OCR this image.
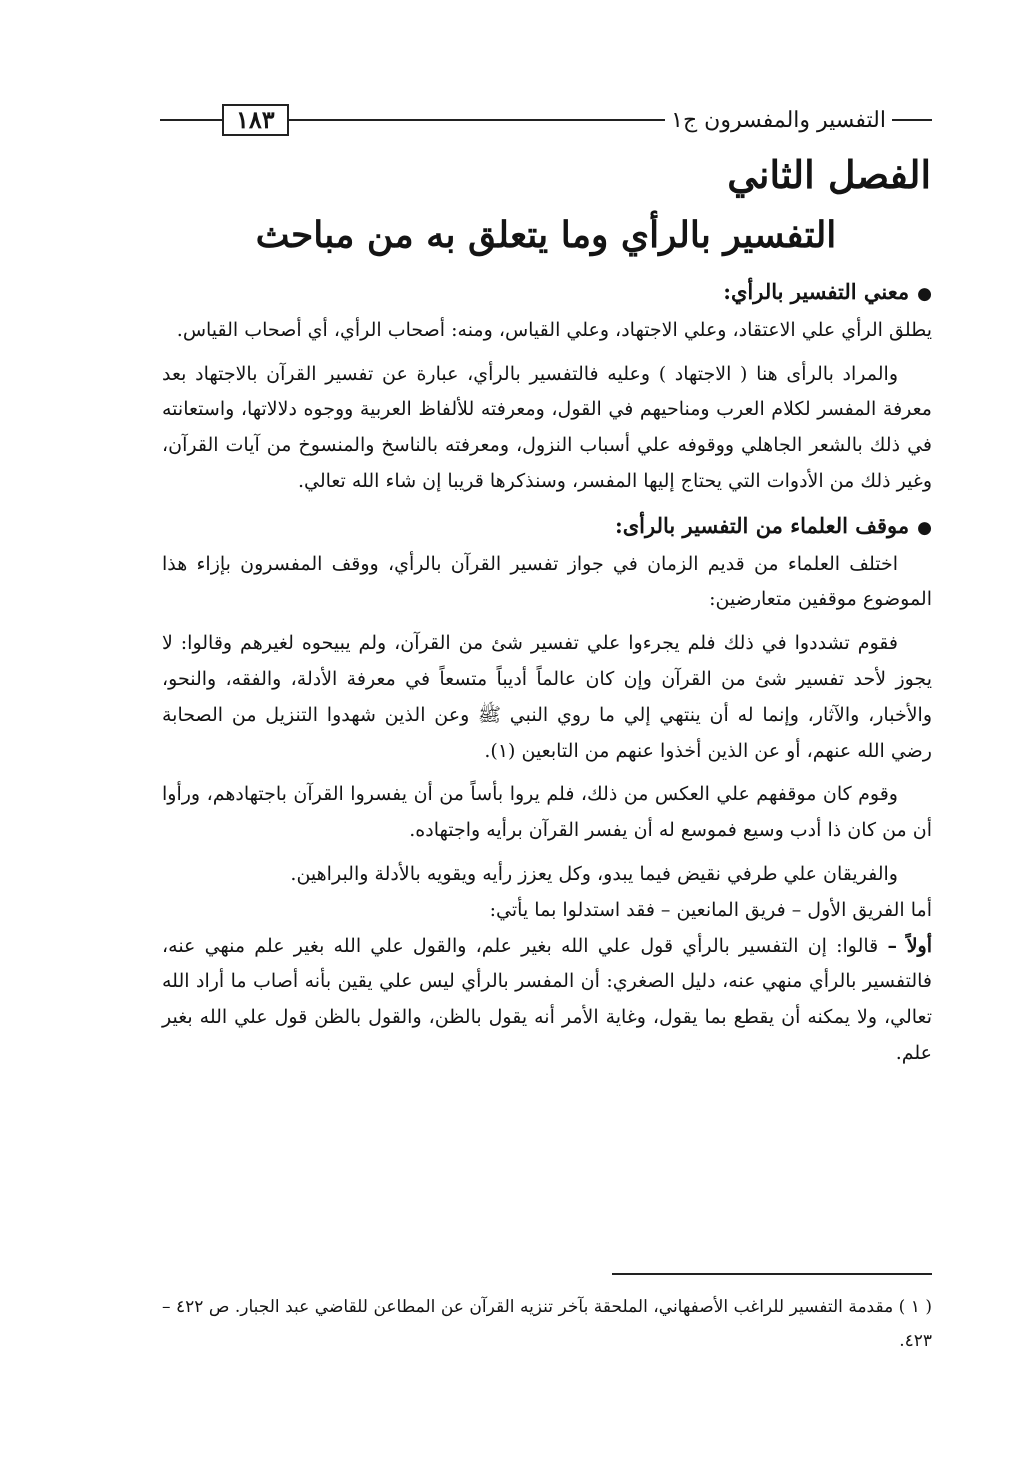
التفسير والمفسرون ج١
١٨٣
الفصل الثاني
التفسير بالرأي وما يتعلق به من مباحث

●معني التفسير بالرأي:

يطلق الرأي علي الاعتقاد، وعلي الاجتهاد، وعلي القياس، ومنه: أصحاب الرأي، أي أصحاب القياس.

والمراد بالرأى هنا ( الاجتهاد ) وعليه فالتفسير بالرأي، عبارة عن تفسير القرآن بالاجتهاد بعد معرفة المفسر لكلام العرب ومناحيهم في القول، ومعرفته للألفاظ العربية ووجوه دلالاتها، واستعانته في ذلك بالشعر الجاهلي ووقوفه علي أسباب النزول، ومعرفته بالناسخ والمنسوخ من آيات القرآن، وغير ذلك من الأدوات التي يحتاج إليها المفسر، وسنذكرها قريبا إن شاء الله تعالي.

●موقف العلماء من التفسير بالرأى:

اختلف العلماء من قديم الزمان في جواز تفسير القرآن بالرأي، ووقف المفسرون بإزاء هذا الموضوع موقفين متعارضين:

فقوم تشددوا في ذلك فلم يجرءوا علي تفسير شئ من القرآن، ولم يبيحوه لغيرهم وقالوا: لا يجوز لأحد تفسير شئ من القرآن وإن كان عالماً أديباً متسعاً في معرفة الأدلة، والفقه، والنحو، والأخبار، والآثار، وإنما له أن ينتهي إلي ما روي النبي ﷺ وعن الذين شهدوا التنزيل من الصحابة رضي الله عنهم، أو عن الذين أخذوا عنهم من التابعين (١).

وقوم كان موقفهم علي العكس من ذلك، فلم يروا بأساً من أن يفسروا القرآن باجتهادهم، ورأوا أن من كان ذا أدب وسيع فموسع له أن يفسر القرآن برأيه واجتهاده.

والفريقان علي طرفي نقيض فيما يبدو، وكل يعزز رأيه ويقويه بالأدلة والبراهين.

أما الفريق الأول – فريق المانعين – فقد استدلوا بما يأتي:

أولاً – قالوا: إن التفسير بالرأي قول علي الله بغير علم، والقول علي الله بغير علم منهي عنه، فالتفسير بالرأي منهي عنه، دليل الصغري: أن المفسر بالرأي ليس علي يقين بأنه أصاب ما أراد الله تعالي، ولا يمكنه أن يقطع بما يقول، وغاية الأمر أنه يقول بالظن، والقول بالظن قول علي الله بغير علم.

( ١ ) مقدمة التفسير للراغب الأصفهاني، الملحقة بآخر تنزيه القرآن عن المطاعن للقاضي عبد الجبار. ص ٤٢٢ – ٤٢٣.
